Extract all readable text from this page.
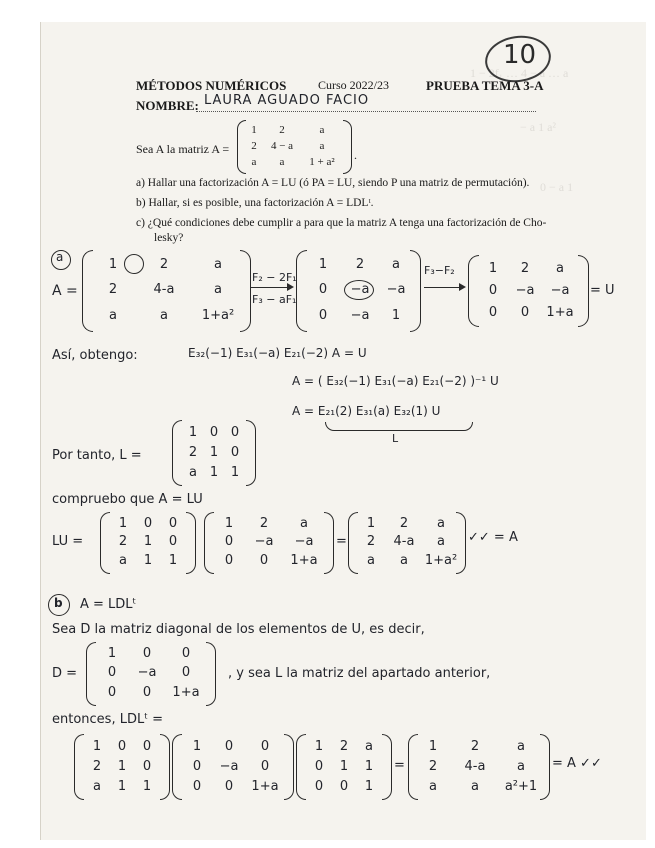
1 − 2f₁ … 4 − a … a
− a 1 a²
0 − a 1
10
MÉTODOS NUMÉRICOS	Curso 2022/23	PRUEBA TEMA 3-A
NOMBRE: LAURA AGUADO FACIO
Sea A la matriz A =
1 2	a
2 4 − a a
a a 1 + a² .
a) Hallar una factorización A = LU (ó PA = LU, siendo P una matriz de permutación).
b) Hallar, si es posible, una factorización A = LDLᵗ.
c) ¿Qué condiciones debe cumplir a para que la matriz A tenga una factorización de Cho-
lesky?
a
A =
1	2	a
2	4-a	a
a	a	1+a²
F₂ − 2F₁
F₃ − aF₁
1 2 a
0 −a −a
0 −a 1
F₃−F₂	1 2 a
0 −a −a
0 0 1+a
= U
Así, obtengo:	E₃₂(−1) E₃₁(−a) E₂₁(−2) A = U
A = ( E₃₂(−1) E₃₁(−a) E₂₁(−2) )⁻¹ U
A = E₂₁(2) E₃₁(a) E₃₂(1) U
L
Por tanto, L =
1 0 0
2 1 0
a 1 1
compruebo que A = LU
LU =
1 0 0
2 1 0
a 1 1
1 2 a
0 −a −a
0 0 1+a
=
1 2 a
2 4-a a
a a 1+a²
✓✓ = A
b A = LDLᵗ
Sea D la matriz diagonal de los elementos de U, es decir,
D =
1 0 0
0 −a 0
0 0 1+a
, y sea L la matriz del apartado anterior,
entonces, LDLᵗ =
1 0 0
2 1 0
a 1 1
1 0 0
0 −a 0
0 0 1+a
1 2 a
0 1 1
0 0 1
=
1	2	a
2 4-a a
a	a a²+1
= A ✓✓
